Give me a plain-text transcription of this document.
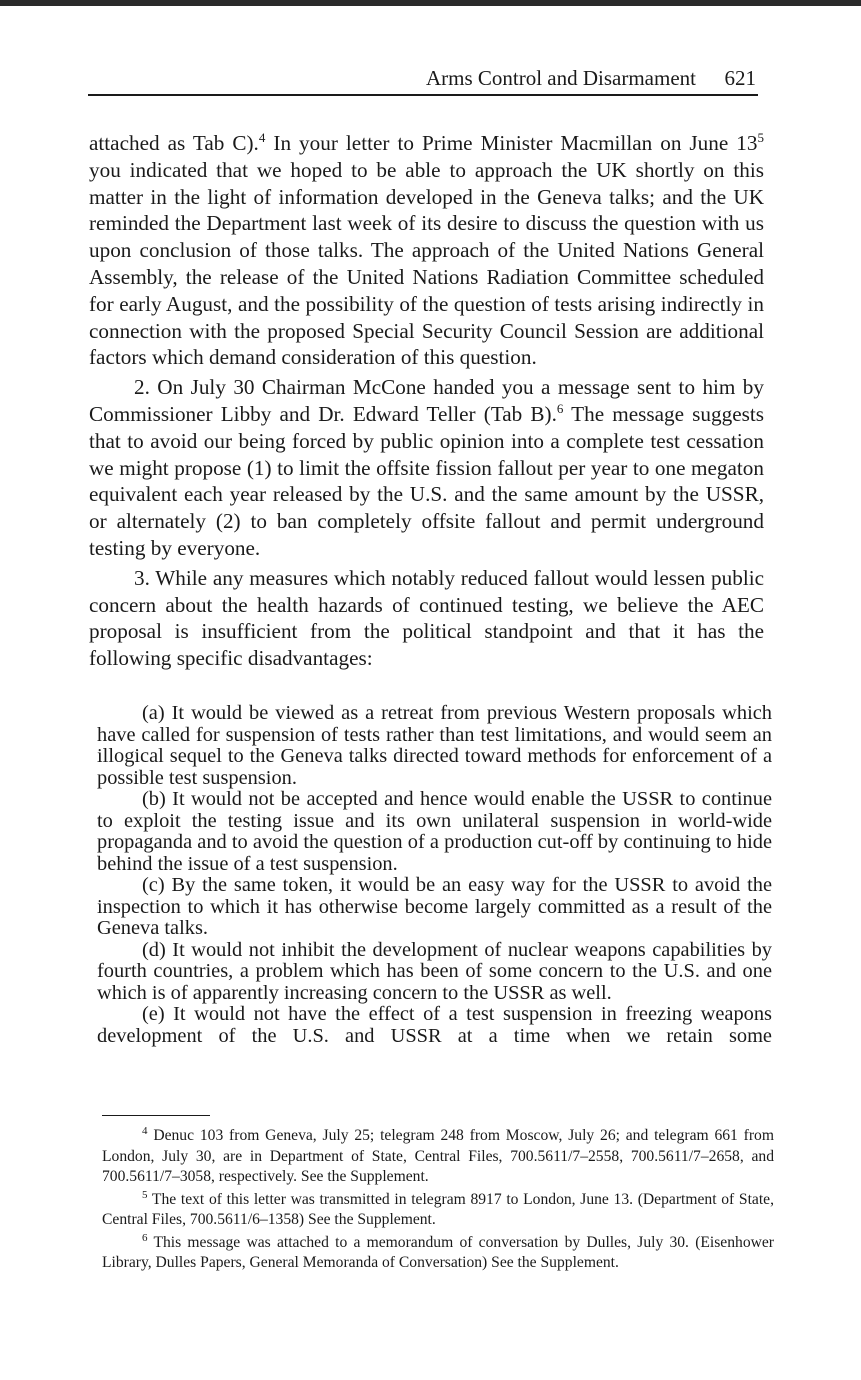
Arms Control and Disarmament 621

attached as Tab C).$^4$ In your letter to Prime Minister Macmillan on June $13^5$ you indicated that we hoped to be able to approach the UK shortly on this matter in the light of information developed in the Geneva talks; and the UK reminded the Department last week of its desire to discuss the question with us upon conclusion of those talks. The approach of the United Nations General Assembly, the release of the United Nations Radiation Committee scheduled for early August, and the possibility of the question of tests arising indirectly in connection with the proposed Special Security Council Session are additional factors which demand consideration of this question.

2. On July 30 Chairman McCone handed you a message sent to him by Commissioner Libby and Dr. Edward Teller (Tab B).$^6$ The message suggests that to avoid our being forced by public opinion into a complete test cessation we might propose (1) to limit the offsite fission fallout per year to one megaton equivalent each year released by the U.S. and the same amount by the USSR, or alternately (2) to ban completely offsite fallout and permit underground testing by everyone.

3. While any measures which notably reduced fallout would lessen public concern about the health hazards of continued testing, we believe the AEC proposal is insufficient from the political standpoint and that it has the following specific disadvantages:

(a) It would be viewed as a retreat from previous Western proposals which have called for suspension of tests rather than test limitations, and would seem an illogical sequel to the Geneva talks directed toward methods for enforcement of a possible test suspension.

(b) It would not be accepted and hence would enable the USSR to continue to exploit the testing issue and its own unilateral suspension in world-wide propaganda and to avoid the question of a production cut-off by continuing to hide behind the issue of a test suspension.

(c) By the same token, it would be an easy way for the USSR to avoid the inspection to which it has otherwise become largely committed as a result of the Geneva talks.

(d) It would not inhibit the development of nuclear weapons capabilities by fourth countries, a problem which has been of some concern to the U.S. and one which is of apparently increasing concern to the USSR as well.

(e) It would not have the effect of a test suspension in freezing weapons development of the U.S. and USSR at a time when we retain some

$^4$ Denuc 103 from Geneva, July 25; telegram 248 from Moscow, July 26; and telegram 661 from London, July 30, are in Department of State, Central Files, 700.5611/7–2558, 700.5611/7–2658, and 700.5611/7–3058, respectively. See the Supplement.

$^5$ The text of this letter was transmitted in telegram 8917 to London, June 13. (Department of State, Central Files, 700.5611/6–1358) See the Supplement.

$^6$ This message was attached to a memorandum of conversation by Dulles, July 30. (Eisenhower Library, Dulles Papers, General Memoranda of Conversation) See the Supplement.
